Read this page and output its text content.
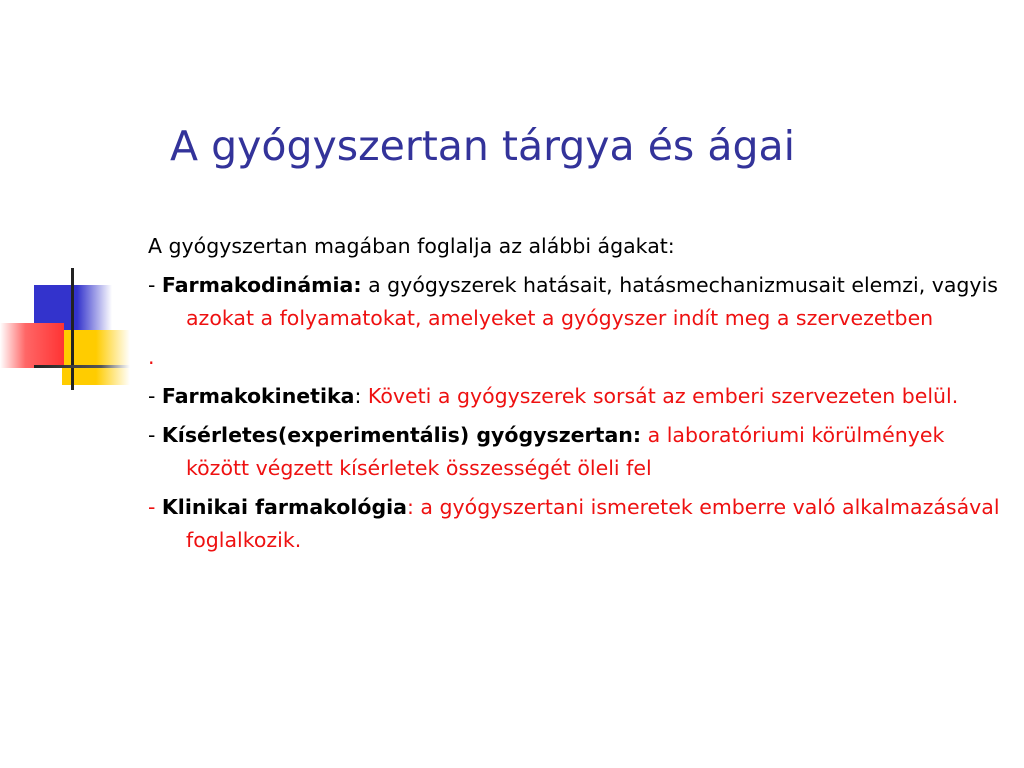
A gyógyszertan tárgya és ágai

A gyógyszertan magában foglalja az alábbi ágakat:

- Farmakodinámia: a gyógyszerek hatásait, hatásmechanizmusait elemzi, vagyis azokat a folyamatokat, amelyeket a gyógyszer indít meg a szervezetben

.

- Farmakokinetika: Követi a gyógyszerek sorsát az emberi szervezeten belül.

- Kísérletes(experimentális) gyógyszertan: a laboratóriumi körülmények között végzett kísérletek összességét öleli fel

- Klinikai farmakológia: a gyógyszertani ismeretek emberre való alkalmazásával foglalkozik.
